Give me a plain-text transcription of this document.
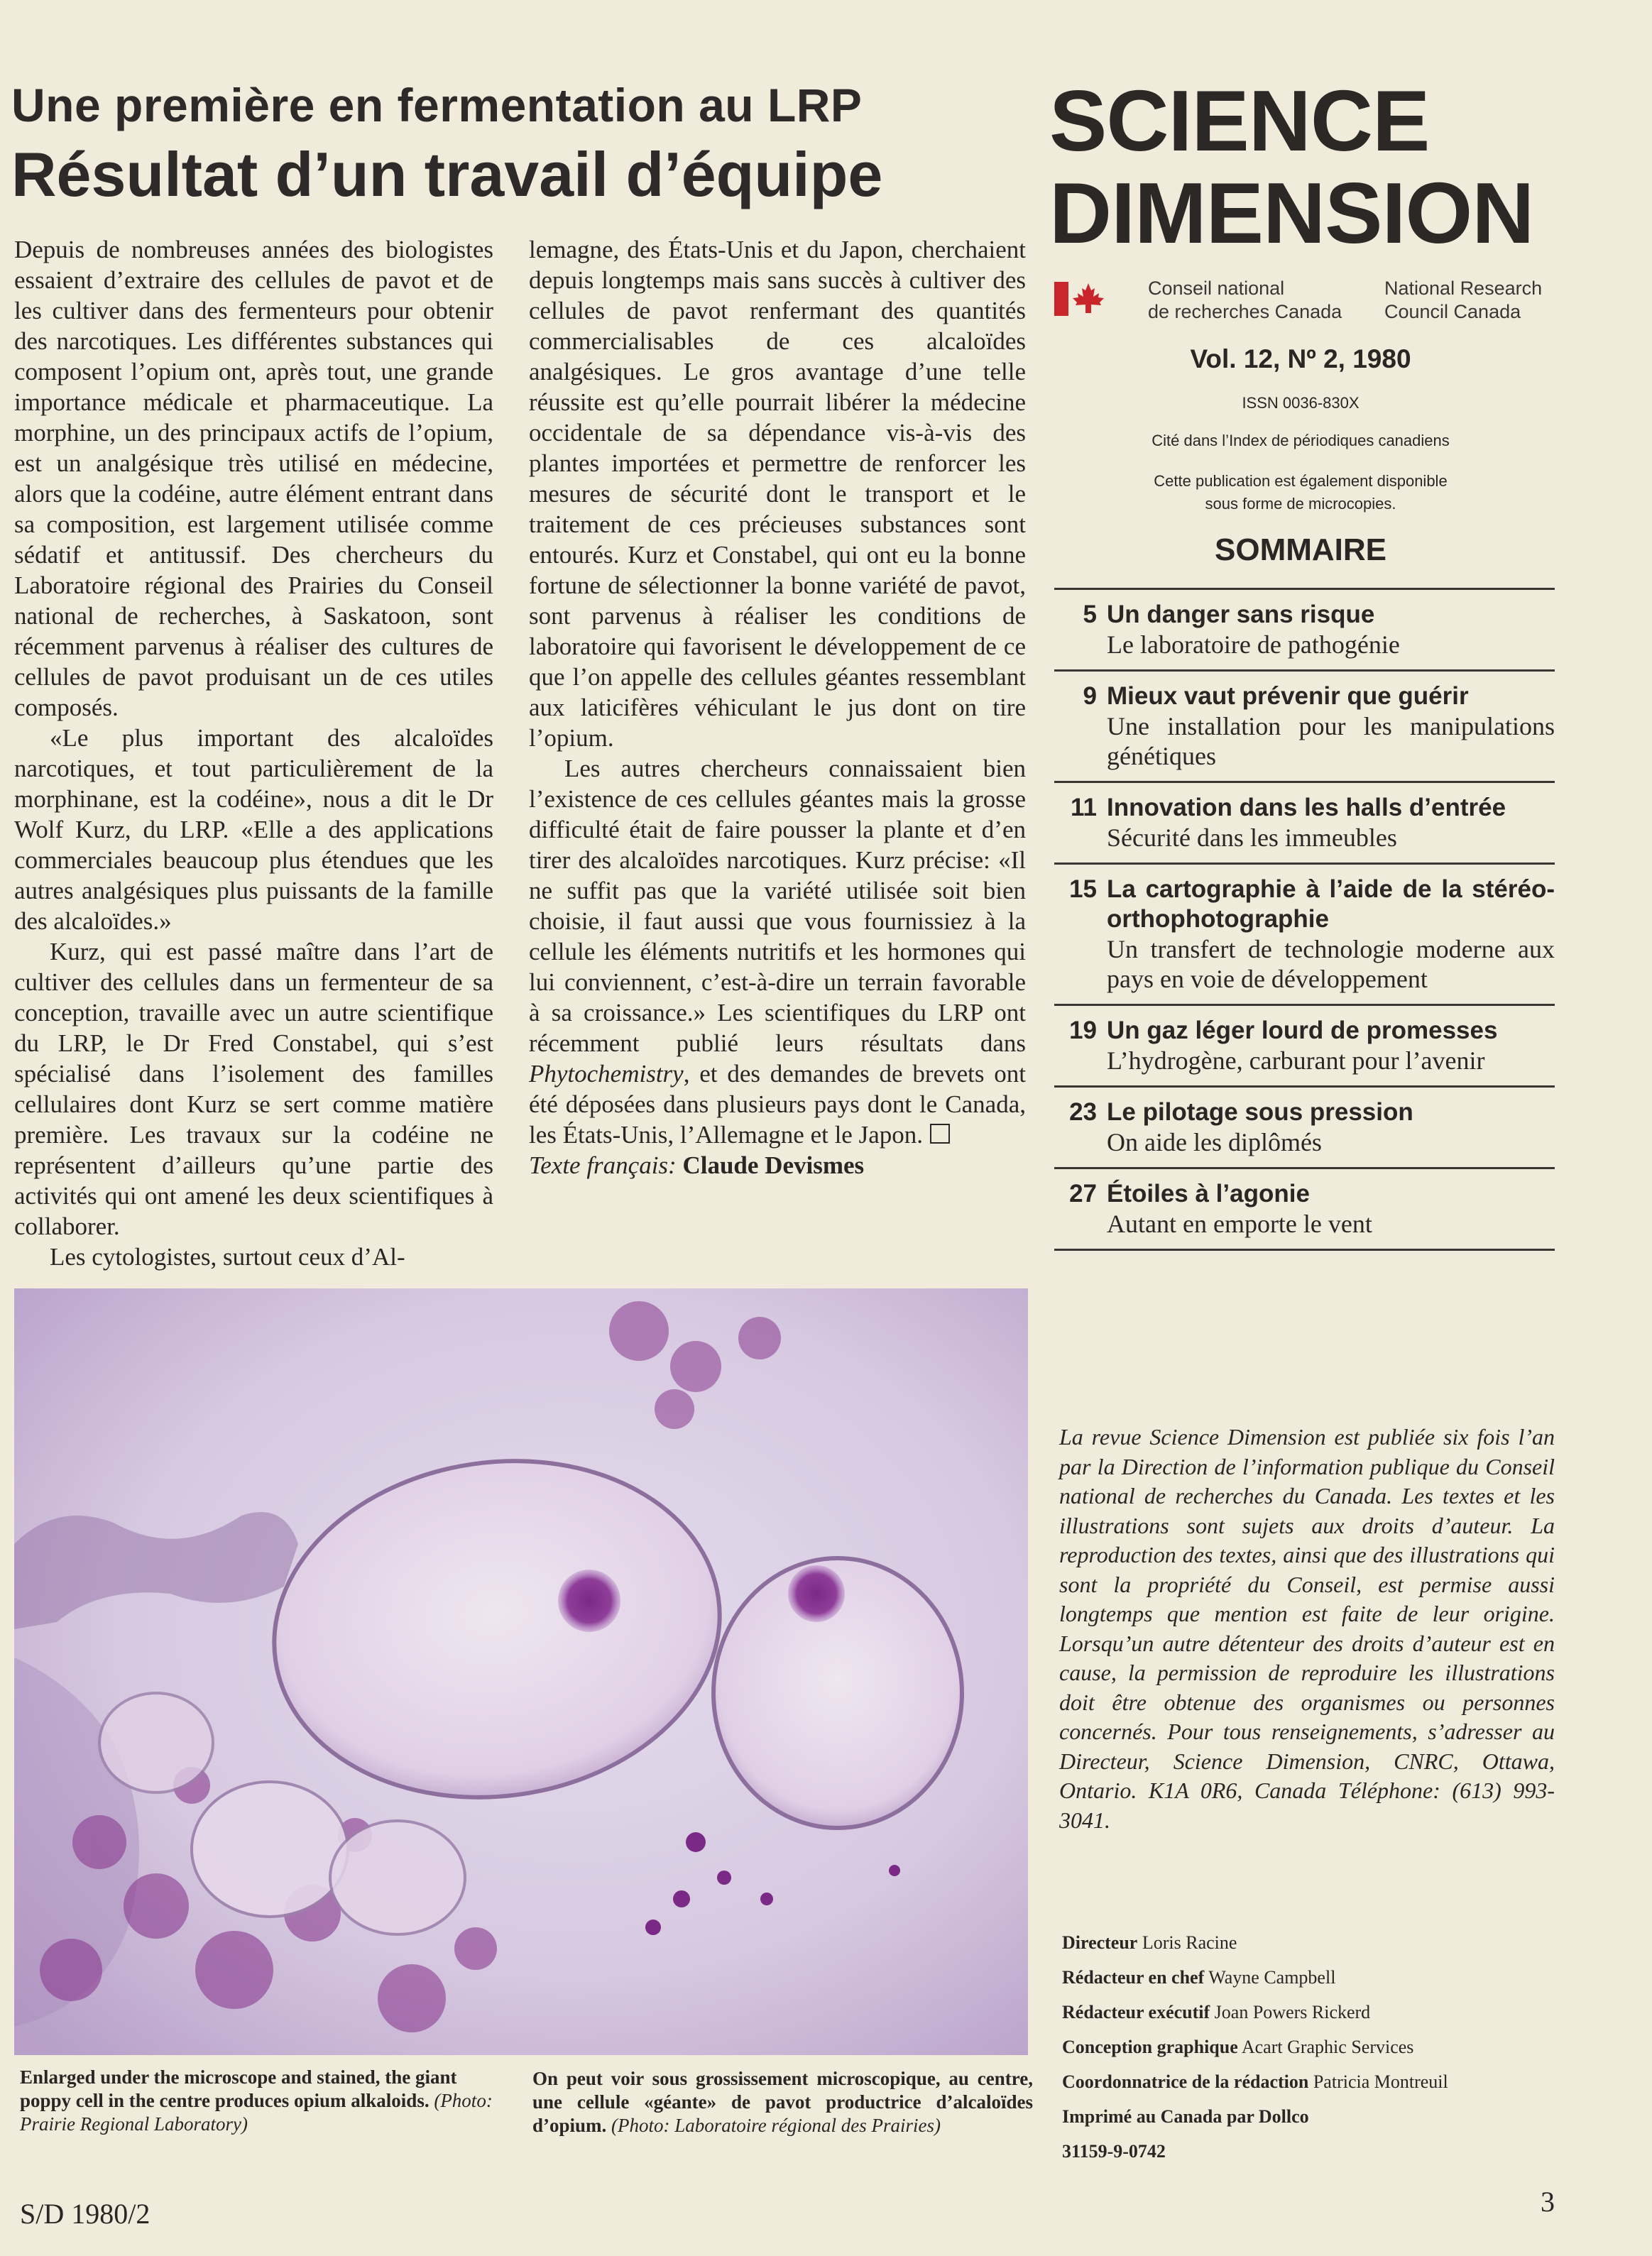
Une première en fermentation au LRP
Résultat d’un travail d’équipe

Depuis de nombreuses années des biologistes essaient d’extraire des cellules de pavot et de les cultiver dans des fermenteurs pour obtenir des narcotiques. Les différentes substances qui composent l’opium ont, après tout, une grande importance médicale et pharmaceutique. La morphine, un des principaux actifs de l’opium, est un analgésique très utilisé en médecine, alors que la codéine, autre élément entrant dans sa composition, est largement utilisée comme sédatif et antitussif. Des chercheurs du Laboratoire régional des Prairies du Conseil national de recherches, à Saskatoon, sont récemment parvenus à réaliser des cultures de cellules de pavot produisant un de ces utiles composés.

«Le plus important des alcaloïdes narcotiques, et tout particulièrement de la morphinane, est la codéine», nous a dit le Dr Wolf Kurz, du LRP. «Elle a des applications commerciales beaucoup plus étendues que les autres analgésiques plus puissants de la famille des alcaloïdes.»

Kurz, qui est passé maître dans l’art de cultiver des cellules dans un fermenteur de sa conception, travaille avec un autre scientifique du LRP, le Dr Fred Constabel, qui s’est spécialisé dans l’isolement des familles cellulaires dont Kurz se sert comme matière première. Les travaux sur la codéine ne représentent d’ailleurs qu’une partie des activités qui ont amené les deux scientifiques à collaborer.

Les cytologistes, surtout ceux d’Al-

lemagne, des États-Unis et du Japon, cherchaient depuis longtemps mais sans succès à cultiver des cellules de pavot renfermant des quantités commercialisables de ces alcaloïdes analgésiques. Le gros avantage d’une telle réussite est qu’elle pourrait libérer la médecine occidentale de sa dépendance vis-à-vis des plantes importées et permettre de renforcer les mesures de sécurité dont le transport et le traitement de ces précieuses substances sont entourés. Kurz et Constabel, qui ont eu la bonne fortune de sélectionner la bonne variété de pavot, sont parvenus à réaliser les conditions de laboratoire qui favorisent le développement de ce que l’on appelle des cellules géantes ressemblant aux laticifères véhiculant le jus dont on tire l’opium.

Les autres chercheurs connaissaient bien l’existence de ces cellules géantes mais la grosse difficulté était de faire pousser la plante et d’en tirer des alcaloïdes narcotiques. Kurz précise: «Il ne suffit pas que la variété utilisée soit bien choisie, il faut aussi que vous fournissiez à la cellule les éléments nutritifs et les hormones qui lui conviennent, c’est-à-dire un terrain favorable à sa croissance.» Les scientifiques du LRP ont récemment publié leurs résultats dans Phytochemistry, et des demandes de brevets ont été déposées dans plusieurs pays dont le Canada, les États-Unis, l’Allemagne et le Japon.

Texte français: Claude Devismes

SCIENCE
DIMENSION
Conseil national
de recherches Canada
National Research
Council Canada
Vol. 12, Nº 2, 1980
ISSN 0036-830X
Cité dans l’Index de périodiques canadiens
Cette publication est également disponible
sous forme de microcopies.
SOMMAIRE
5 Un danger sans risque
Le laboratoire de pathogénie
9 Mieux vaut prévenir que guérir
Une installation pour les manipulations génétiques
11 Innovation dans les halls d’entrée
Sécurité dans les immeubles
15 La cartographie à l’aide de la stéréo-orthophotographie
Un transfert de technologie moderne aux pays en voie de développement
19 Un gaz léger lourd de promesses
L’hydrogène, carburant pour l’avenir
23 Le pilotage sous pression
On aide les diplômés
27 Étoiles à l’agonie
Autant en emporte le vent
La revue Science Dimension est publiée six fois l’an par la Direction de l’information publique du Conseil national de recherches du Canada. Les textes et les illustrations sont sujets aux droits d’auteur. La reproduction des textes, ainsi que des illustrations qui sont la propriété du Conseil, est permise aussi longtemps que mention est faite de leur origine. Lorsqu’un autre détenteur des droits d’auteur est en cause, la permission de reproduire les illustrations doit être obtenue des organismes ou personnes concernés. Pour tous renseignements, s’adresser au Directeur, Science Dimension, CNRC, Ottawa, Ontario. K1A 0R6, Canada Téléphone: (613) 993-3041.
Directeur Loris Racine
Rédacteur en chef Wayne Campbell
Rédacteur exécutif Joan Powers Rickerd
Conception graphique Acart Graphic Services
Coordonnatrice de la rédaction Patricia Montreuil
Imprimé au Canada par Dollco
31159-9-0742
Enlarged under the microscope and stained, the giant poppy cell in the centre produces opium alkaloids. (Photo: Prairie Regional Laboratory)
On peut voir sous grossissement microscopique, au centre, une cellule «géante» de pavot productrice d’alcaloïdes d’opium. (Photo: Laboratoire régional des Prairies)
S/D 1980/2	3
